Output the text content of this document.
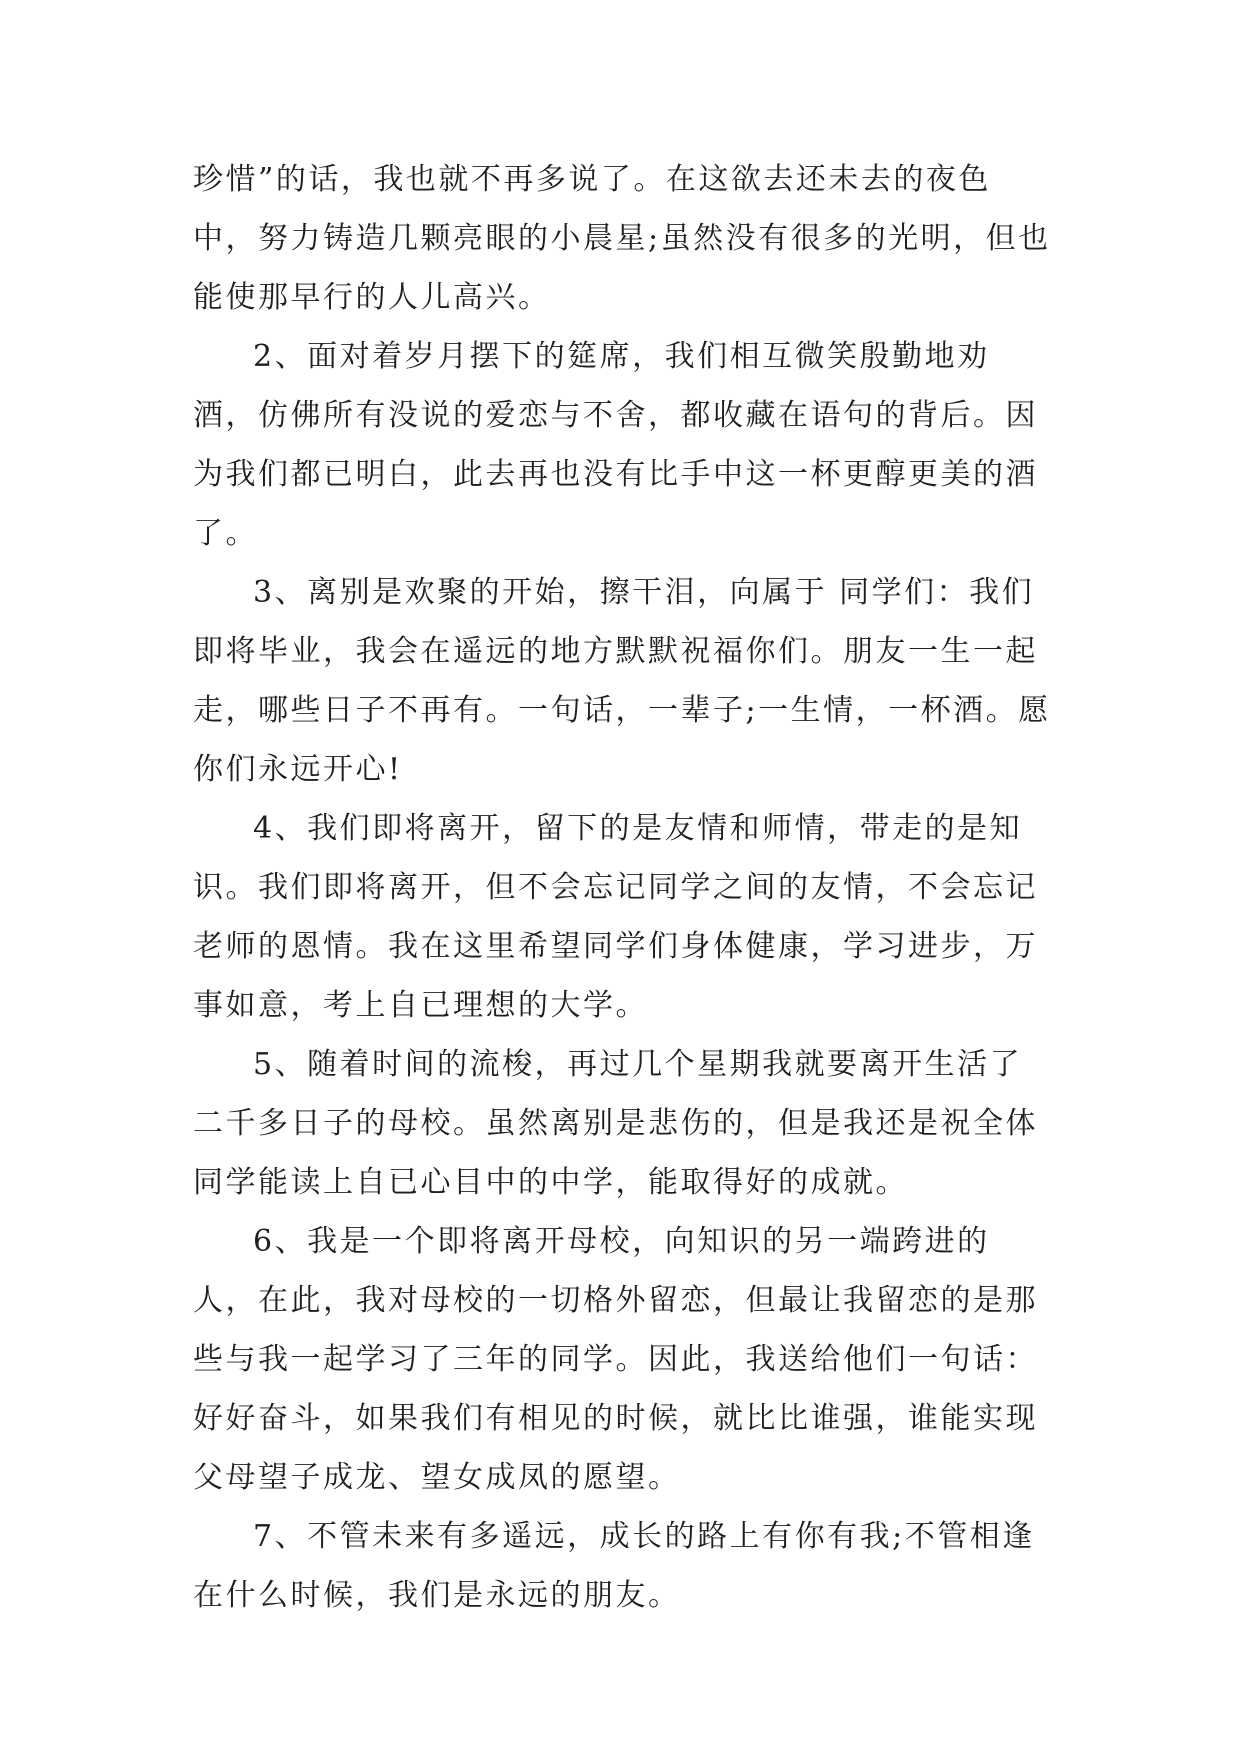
珍惜”的话，我也就不再多说了。在这欲去还未去的夜色中，努力铸造几颗亮眼的小晨星;虽然没有很多的光明，但也能使那早行的人儿高兴。

2、面对着岁月摆下的筵席，我们相互微笑殷勤地劝酒，仿佛所有没说的爱恋与不舍，都收藏在语句的背后。因为我们都已明白，此去再也没有比手中这一杯更醇更美的酒了。

3、离别是欢聚的开始，擦干泪，向属于 同学们：我们即将毕业，我会在遥远的地方默默祝福你们。朋友一生一起走，哪些日子不再有。一句话，一辈子;一生情，一杯酒。愿你们永远开心!

4、我们即将离开，留下的是友情和师情，带走的是知识。我们即将离开，但不会忘记同学之间的友情，不会忘记老师的恩情。我在这里希望同学们身体健康，学习进步，万事如意，考上自已理想的大学。

5、随着时间的流梭，再过几个星期我就要离开生活了二千多日子的母校。虽然离别是悲伤的，但是我还是祝全体同学能读上自已心目中的中学，能取得好的成就。

6、我是一个即将离开母校，向知识的另一端跨进的人，在此，我对母校的一切格外留恋，但最让我留恋的是那些与我一起学习了三年的同学。因此，我送给他们一句话：好好奋斗，如果我们有相见的时候，就比比谁强，谁能实现父母望子成龙、望女成凤的愿望。

7、不管未来有多遥远，成长的路上有你有我;不管相逢在什么时候，我们是永远的朋友。
